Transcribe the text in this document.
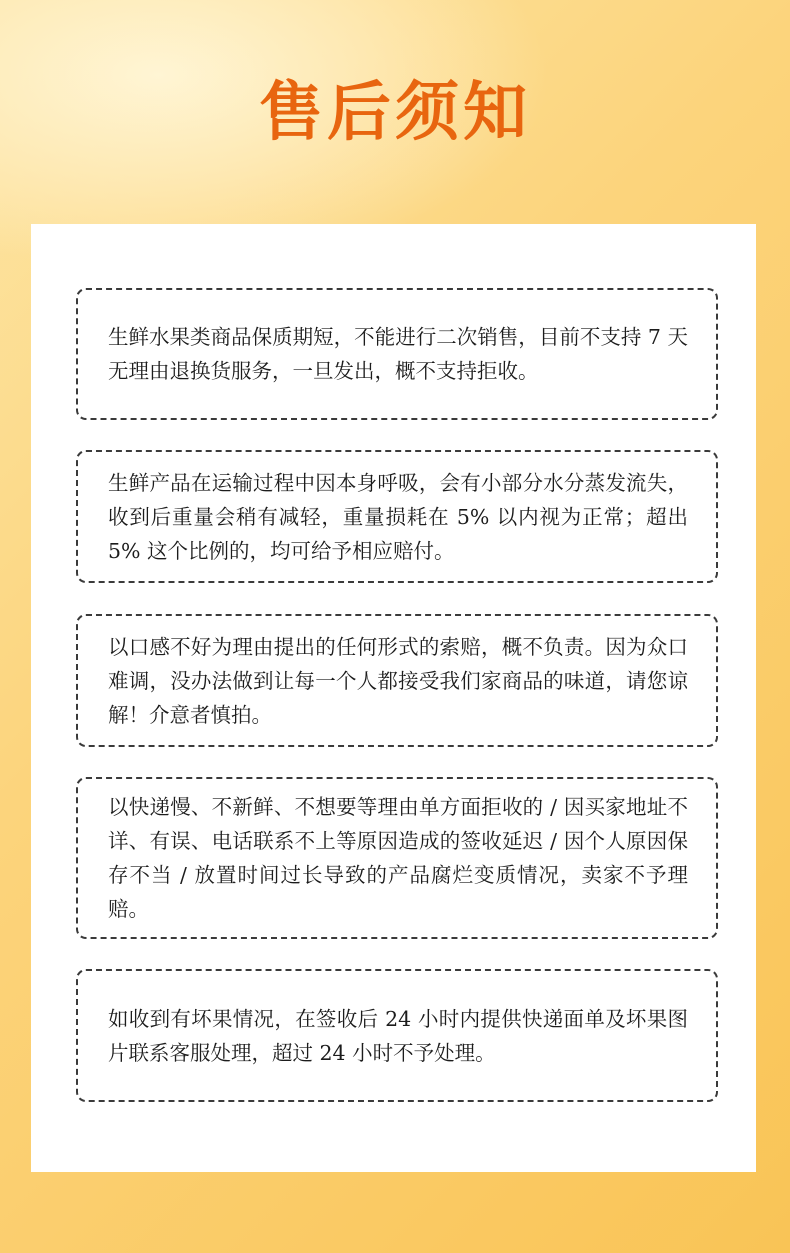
售后须知

生鲜水果类商品保质期短，不能进行二次销售，目前不支持 7 天无理由退换货服务，一旦发出，概不支持拒收。

生鲜产品在运输过程中因本身呼吸，会有小部分水分蒸发流失，收到后重量会稍有减轻，重量损耗在 5% 以内视为正常；超出 5% 这个比例的，均可给予相应赔付。

以口感不好为理由提出的任何形式的索赔，概不负责。因为众口难调，没办法做到让每一个人都接受我们家商品的味道，请您谅解！介意者慎拍。

以快递慢、不新鲜、不想要等理由单方面拒收的 / 因买家地址不详、有误、电话联系不上等原因造成的签收延迟 / 因个人原因保存不当 / 放置时间过长导致的产品腐烂变质情况，卖家不予理赔。

如收到有坏果情况，在签收后 24 小时内提供快递面单及坏果图片联系客服处理，超过 24 小时不予处理。
